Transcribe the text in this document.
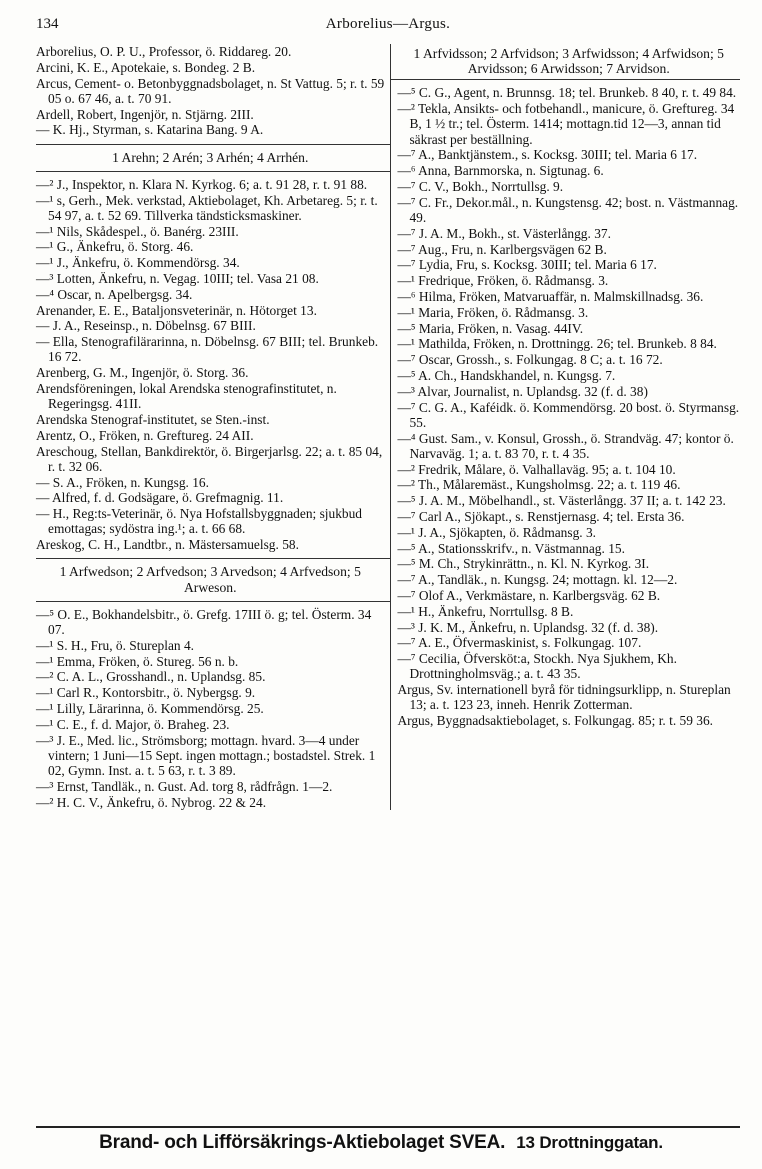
134	Arborelius—Argus.
Arborelius, O. P. U., Professor, ö. Riddareg. 20.
Arcini, K. E., Apotekaie, s. Bondeg. 2 B.
Arcus, Cement- o. Betonbyggnadsbolaget, n. St Vattug. 5; r. t. 59 05 o. 67 46, a. t. 70 91.
Ardell, Robert, Ingenjör, n. Stjärng. 2III.
— K. Hj., Styrman, s. Katarina Bang. 9 A.
1 Arehn; 2 Arén; 3 Arhén; 4 Arrhén.
—² J., Inspektor, n. Klara N. Kyrkog. 6; a. t. 91 28, r. t. 91 88.
—¹ s, Gerh., Mek. verkstad, Aktiebolaget, Kh. Arbetareg. 5; r. t. 54 97, a. t. 52 69. Tillverka tändsticksmaskiner.
—¹ Nils, Skådespel., ö. Banérg. 23III.
—¹ G., Änkefru, ö. Storg. 46.
—¹ J., Änkefru, ö. Kommendörsg. 34.
—³ Lotten, Änkefru, n. Vegag. 10III; tel. Vasa 21 08.
—⁴ Oscar, n. Apelbergsg. 34.
Arenander, E. E., Bataljonsveterinär, n. Hötorget 13.
— J. A., Reseinsp., n. Döbelnsg. 67 BIII.
— Ella, Stenografilärarinna, n. Döbelnsg. 67 BIII; tel. Brunkeb. 16 72.
Arenberg, G. M., Ingenjör, ö. Storg. 36.
Arendsföreningen, lokal Arendska stenografinstitutet, n. Regeringsg. 41II.
Arendska Stenograf-institutet, se Sten.-inst.
Arentz, O., Fröken, n. Greftureg. 24 AII.
Areschoug, Stellan, Bankdirektör, ö. Birgerjarlsg. 22; a. t. 85 04, r. t. 32 06.
— S. A., Fröken, n. Kungsg. 16.
— Alfred, f. d. Godsägare, ö. Grefmagnig. 11.
— H., Reg:ts-Veterinär, ö. Nya Hofstallsbyggnaden; sjukbud emottagas; sydöstra ing.¹; a. t. 66 68.
Areskog, C. H., Landtbr., n. Mästersamuelsg. 58.
1 Arfwedson; 2 Arfvedson; 3 Arvedson; 4 Arfvedson; 5 Arweson.
—⁵ O. E., Bokhandelsbitr., ö. Grefg. 17III ö. g; tel. Österm. 34 07.
—¹ S. H., Fru, ö. Stureplan 4.
—¹ Emma, Fröken, ö. Stureg. 56 n. b.
—² C. A. L., Grosshandl., n. Uplandsg. 85.
—¹ Carl R., Kontorsbitr., ö. Nybergsg. 9.
—¹ Lilly, Lärarinna, ö. Kommendörsg. 25.
—¹ C. E., f. d. Major, ö. Braheg. 23.
—³ J. E., Med. lic., Strömsborg; mottagn. hvard. 3—4 under vintern; 1 Juni—15 Sept. ingen mottagn.; bostadstel. Strek. 1 02, Gymn. Inst. a. t. 5 63, r. t. 3 89.
—³ Ernst, Tandläk., n. Gust. Ad. torg 8, rådfrågn. 1—2.
—² H. C. V., Änkefru, ö. Nybrog. 22 & 24.
1 Arfvidsson; 2 Arfvidson; 3 Arfwidsson; 4 Arfwidson; 5 Arvidsson; 6 Arwidsson; 7 Arvidson.
—⁵ C. G., Agent, n. Brunnsg. 18; tel. Brunkeb. 8 40, r. t. 49 84.
—² Tekla, Ansikts- och fotbehandl., manicure, ö. Greftureg. 34 B, 1 ½ tr.; tel. Österm. 1414; mottagn.tid 12—3, annan tid säkrast per beställning.
—⁷ A., Banktjänstem., s. Kocksg. 30III; tel. Maria 6 17.
—⁶ Anna, Barnmorska, n. Sigtunag. 6.
—⁷ C. V., Bokh., Norrtullsg. 9.
—⁷ C. Fr., Dekor.mål., n. Kungstensg. 42; bost. n. Västmannag. 49.
—⁷ J. A. M., Bokh., st. Västerlångg. 37.
—⁷ Aug., Fru, n. Karlbergsvägen 62 B.
—⁷ Lydia, Fru, s. Kocksg. 30III; tel. Maria 6 17.
—¹ Fredrique, Fröken, ö. Rådmansg. 3.
—⁶ Hilma, Fröken, Matvaruaffär, n. Malmskillnadsg. 36.
—¹ Maria, Fröken, ö. Rådmansg. 3.
—⁵ Maria, Fröken, n. Vasag. 44IV.
—¹ Mathilda, Fröken, n. Drottningg. 26; tel. Brunkeb. 8 84.
—⁷ Oscar, Grossh., s. Folkungag. 8 C; a. t. 16 72.
—⁵ A. Ch., Handskhandel, n. Kungsg. 7.
—³ Alvar, Journalist, n. Uplandsg. 32 (f. d. 38)
—⁷ C. G. A., Kaféidk. ö. Kommendörsg. 20 bost. ö. Styrmansg. 55.
—⁴ Gust. Sam., v. Konsul, Grossh., ö. Strandväg. 47; kontor ö. Narvaväg. 1; a. t. 83 70, r. t. 4 35.
—² Fredrik, Målare, ö. Valhallaväg. 95; a. t. 104 10.
—² Th., Målaremäst., Kungsholmsg. 22; a. t. 119 46.
—⁵ J. A. M., Möbelhandl., st. Västerlångg. 37 II; a. t. 142 23.
—⁷ Carl A., Sjökapt., s. Renstjernasg. 4; tel. Ersta 36.
—¹ J. A., Sjökapten, ö. Rådmansg. 3.
—⁵ A., Stationsskrifv., n. Västmannag. 15.
—⁵ M. Ch., Strykinrättn., n. Kl. N. Kyrkog. 3I.
—⁷ A., Tandläk., n. Kungsg. 24; mottagn. kl. 12—2.
—⁷ Olof A., Verkmästare, n. Karlbergsväg. 62 B.
—¹ H., Änkefru, Norrtullsg. 8 B.
—³ J. K. M., Änkefru, n. Uplandsg. 32 (f. d. 38).
—⁷ A. E., Öfvermaskinist, s. Folkungag. 107.
—⁷ Cecilia, Öfversköt:a, Stockh. Nya Sjukhem, Kh. Drottningholmsväg.; a. t. 43 35.
Argus, Sv. internationell byrå för tidningsurklipp, n. Stureplan 13; a. t. 123 23, inneh. Henrik Zotterman.
Argus, Byggnadsaktiebolaget, s. Folkungag. 85; r. t. 59 36.
Brand- och Lifförsäkrings-Aktiebolaget SVEA. 13 Drottninggatan.
